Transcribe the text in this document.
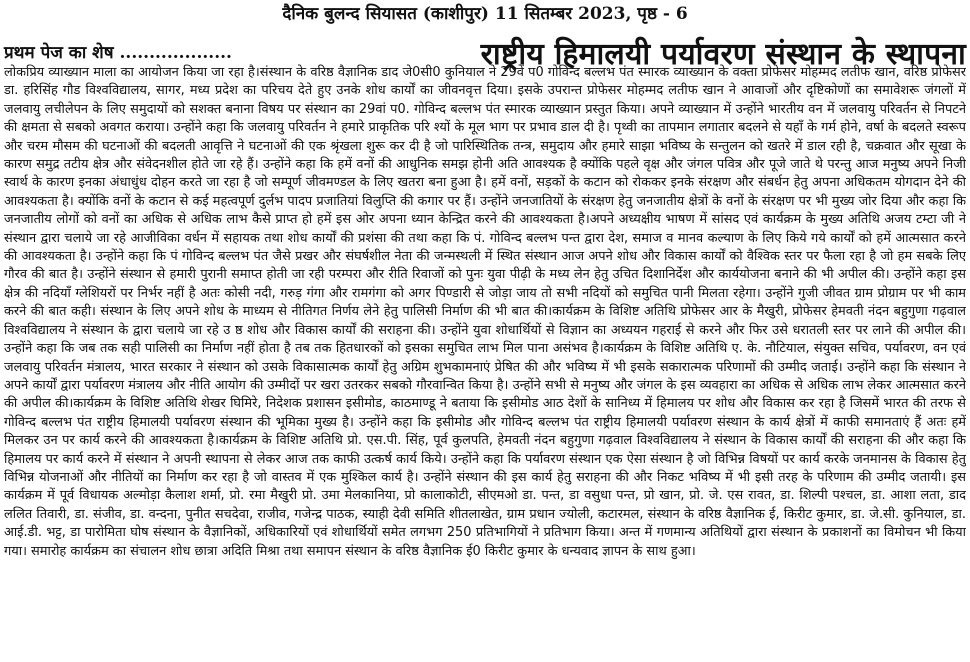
दैनिक बुलन्द सियासत (काशीपुर) 11 सितम्बर 2023, पृष्ठ - 6
प्रथम पेज का शेष ...................	राष्ट्रीय हिमालयी पर्यावरण संस्थान के स्थापना
लोकप्रिय व्याख्यान माला का आयोजन किया जा रहा है।संस्थान के वरिष्ठ वैज्ञानिक डाद जे0सी0 कुनियाल ने 29वें प0 गोविन्द बल्लभ पंत स्मारक व्याख्यान के वक्ता प्रोफेसर मोहम्मद लतीफ खान, वरिष्ठ प्रोफेसर डा. हरिसिंह गौड विश्वविद्यालय, सागर, मध्य प्रदेश का परिचय देते हुए उनके शोध कार्यों का जीवनवृत्त दिया। इसके उपरान्त प्रोफेसर मोहम्मद लतीफ खान ने आवाजों और दृष्टिकोणों का समावेशरू जंगलों में जलवायु लचीलेपन के लिए समुदायों को सशक्त बनाना विषय पर संस्थान का 29वां प0. गोविन्द बल्लभ पंत स्मारक व्याख्यान प्रस्तुत किया। अपने व्याख्यान में उन्होंने भारतीय वन में जलवायु परिवर्तन से निपटने की क्षमता से सबको अवगत कराया। उन्होंने कहा कि जलवायु परिवर्तन ने हमारे प्राकृतिक परि श्यों के मूल भाग पर प्रभाव डाल दी है। पृथ्वी का तापमान लगातार बदलने से यहाँ के गर्म होने, वर्षा के बदलते स्वरूप और चरम मौसम की घटनाओं की बदलती आवृत्ति ने घटनाओं की एक श्रृंखला शुरू कर दी है जो पारिस्थितिक तन्त्र, समुदाय और हमारे साझा भविष्य के सन्तुलन को खतरे में डाल रही है, चक्रवात और सूखा के कारण समुद्र तटीय क्षेत्र और संवेदनशील होते जा रहे हैं। उन्होंने कहा कि हमें वनों की आधुनिक समझ होनी अति आवश्यक है क्योंकि पहले वृक्ष और जंगल पवित्र और पूजे जाते थे परन्तु आज मनुष्य अपने निजी स्वार्थ के कारण इनका अंधाधुंध दोहन करते जा रहा है जो सम्पूर्ण जीवमण्डल के लिए खतरा बना हुआ है। हमें वनों, सड़कों के कटान को रोककर इनके संरक्षण और संबर्धन हेतु अपना अधिकतम योगदान देने की आवश्यकता है। क्योंकि वनों के कटान से कई महत्वपूर्ण दुर्लभ पादप प्रजातियां विलुप्ति की कगार पर हैं। उन्होंने जनजातियों के संरक्षण हेतु जनजातीय क्षेत्रों के वनों के संरक्षण पर भी मुख्य जोर दिया और कहा कि जनजातीय लोगों को वनों का अधिक से अधिक लाभ कैसे प्राप्त हो हमें इस ओर अपना ध्यान केन्द्रित करने की आवश्यकता है।अपने अध्यक्षीय भाषण में सांसद एवं कार्यक्रम के मुख्य अतिथि अजय टम्टा जी ने संस्थान द्वारा चलाये जा रहे आजीविका वर्धन में सहायक तथा शोध कार्यों की प्रशंसा की तथा कहा कि पं. गोविन्द बल्लभ पन्त द्वारा देश, समाज व मानव कल्याण के लिए किये गये कार्यों को हमें आत्मसात करने की आवश्यकता है। उन्होंने कहा कि पं गोविन्द बल्लभ पंत जैसे प्रखर और संघर्षशील नेता की जन्मस्थली में स्थित संस्थान आज अपने शोध और विकास कार्यों को वैश्विक स्तर पर फैला रहा है जो हम सबके लिए गौरव की बात है। उन्होंने संस्थान से हमारी पुरानी समाप्त होती जा रही परम्परा और रीति रिवाजों को पुनः युवा पीढ़ी के मध्य लेन हेतु उचित दिशानिर्देश और कार्ययोजना बनाने की भी अपील की। उन्होंने कहा इस क्षेत्र की नदियाँ ग्लेशियरों पर निर्भर नहीं है अतः कोसी नदी, गरुड़ गंगा और रामगंगा को अगर पिण्डारी से जोड़ा जाय तो सभी नदियों को समुचित पानी मिलता रहेगा। उन्होंने गुजी जीवत ग्राम प्रोग्राम पर भी काम करने की बात कही। संस्थान के लिए अपने शोध के माध्यम से नीतिगत निर्णय लेने हेतु पालिसी निर्माण की भी बात की।कार्यक्रम के विशिष्ट अतिथि प्रोफेसर आर के मैखुरी, प्रोफेसर हेमवती नंदन बहुगुणा गढ़वाल विश्वविद्यालय ने संस्थान के द्वारा चलाये जा रहे उ ष्ठ शोध और विकास कार्यों की सराहना की। उन्होंने युवा शोधार्थियों से विज्ञान का अध्ययन गहराई से करने और फिर उसे धरातली स्तर पर लाने की अपील की। उन्होंने कहा कि जब तक सही पालिसी का निर्माण नहीं होता है तब तक हितधारकों को इसका समुचित लाभ मिल पाना असंभव है।कार्यक्रम के विशिष्ट अतिथि ए. के. नौटियाल, संयुक्त सचिव, पर्यावरण, वन एवं जलवायु परिवर्तन मंत्रालय, भारत सरकार ने संस्थान को उसके विकासात्मक कार्यों हेतु अग्रिम शुभकामनाएं प्रेषित की और भविष्य में भी इसके सकारात्मक परिणामों की उम्मीद जताई। उन्होंने कहा कि संस्थान ने अपने कार्यों द्वारा पर्यावरण मंत्रालय और नीति आयोग की उम्मीदों पर खरा उतरकर सबको गौरवान्वित किया है। उन्होंने सभी से मनुष्य और जंगल के इस व्यवहारा का अधिक से अधिक लाभ लेकर आत्मसात करने की अपील की।कार्यक्रम के विशिष्ट अतिथि शेखर घिमिरे, निदेशक प्रशासन इसीमोड, काठमाण्डू ने बताया कि इसीमोड आठ देशों के सानिध्य में हिमालय पर शोध और विकास कर रहा है जिसमें भारत की तरफ से गोविन्द बल्लभ पंत राष्ट्रीय हिमालयी पर्यावरण संस्थान की भूमिका मुख्य है। उन्होंने कहा कि इसीमोड और गोविन्द बल्लभ पंत राष्ट्रीय हिमालयी पर्यावरण संस्थान के कार्य क्षेत्रों में काफी समानताएं हैं अतः हमें मिलकर उन पर कार्य करने की आवश्यकता है।कार्यक्रम के विशिष्ट अतिथि प्रो. एस.पी. सिंह, पूर्व कुलपति, हेमवती नंदन बहुगुणा गढ़वाल विश्वविद्यालय ने संस्थान के विकास कार्यों की सराहना की और कहा कि हिमालय पर कार्य करने में संस्थान ने अपनी स्थापना से लेकर आज तक काफी उत्कर्ष कार्य किये। उन्होंने कहा कि पर्यावरण संस्थान एक ऐसा संस्थान है जो विभिन्न विषयों पर कार्य करके जनमानस के विकास हेतु विभिन्न योजनाओं और नीतियों का निर्माण कर रहा है जो वास्तव में एक मुश्किल कार्य है। उन्होंने संस्थान की इस कार्य हेतु सराहना की और निकट भविष्य में भी इसी तरह के परिणाम की उम्मीद जतायी। इस कार्यक्रम में पूर्व विधायक अल्मोड़ा कैलाश शर्मा, प्रो. रमा मैखुरी प्रो. उमा मेलकानिया, प्रो कालाकोटी, सीएमओ डा. पन्त, डा वसुधा पन्त, प्रो खान, प्रो. जे. एस रावत, डा. शिल्पी पश्चल, डा. आशा लता, डाद ललित तिवारी, डा. संजीव, डा. वन्दना, पुनीत सचदेवा, राजीव, गजेन्द्र पाठक, स्याही देवी समिति शीतलाखेत, ग्राम प्रधान ज्योली, कटारमल, संस्थान के वरिष्ठ वैज्ञानिक ई, किरीट कुमार, डा. जे.सी. कुनियाल, डा. आई.डी. भट्ट, डा पारोमिता घोष संस्थान के वैज्ञानिकों, अधिकारियों एवं शोधार्थियों समेत लगभग 250 प्रतिभागियों ने प्रतिभाग किया। अन्त में गणमान्य अतिथियों द्वारा संस्थान के प्रकाशनों का विमोचन भी किया गया। समारोह कार्यक्रम का संचालन शोध छात्रा अदिति मिश्रा तथा समापन संस्थान के वरिष्ठ वैज्ञानिक ई0 किरीट कुमार के धन्यवाद ज्ञापन के साथ हुआ।
